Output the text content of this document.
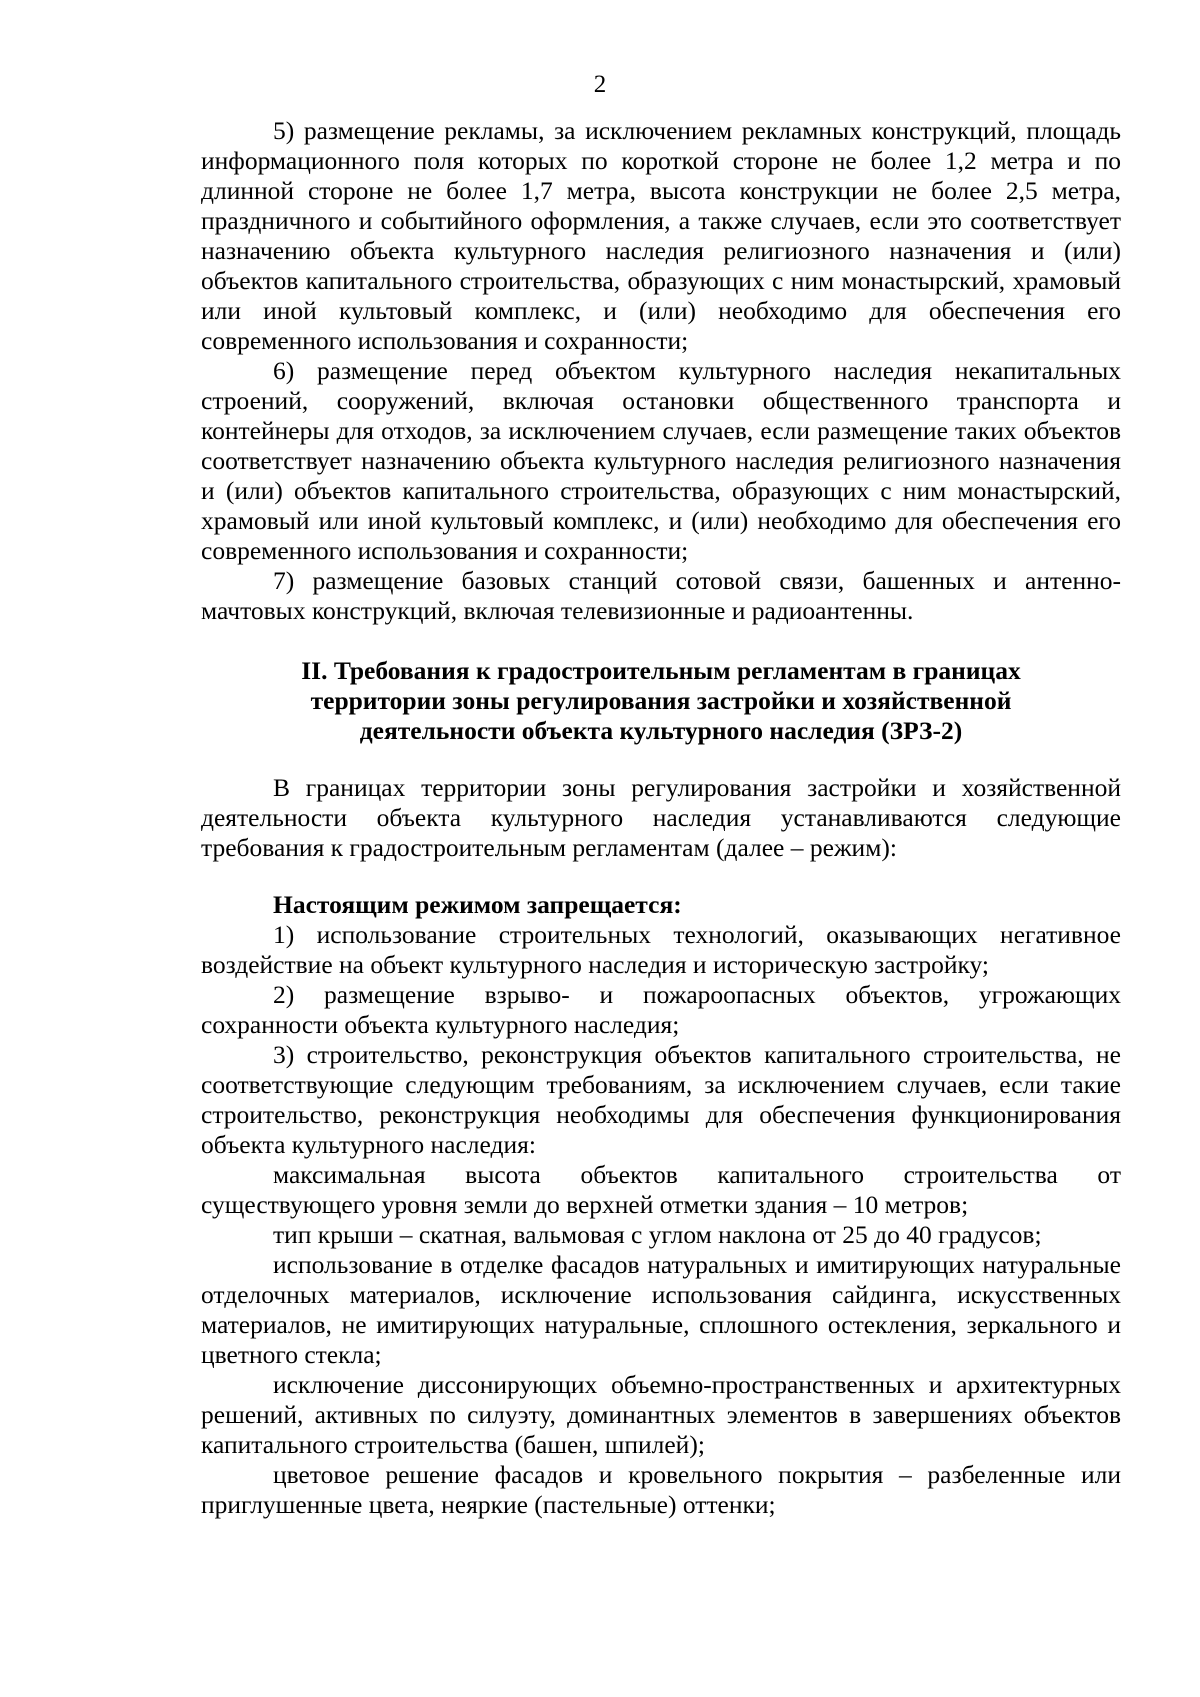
2

5) размещение рекламы, за исключением рекламных конструкций, площадь информационного поля которых по короткой стороне не более 1,2 метра и по длинной стороне не более 1,7 метра, высота конструкции не более 2,5 метра, праздничного и событийного оформления, а также случаев, если это соответствует назначению объекта культурного наследия религиозного назначения и (или) объектов капитального строительства, образующих с ним монастырский, храмовый или иной культовый комплекс, и (или) необходимо для обеспечения его современного использования и сохранности;

6) размещение перед объектом культурного наследия некапитальных строений, сооружений, включая остановки общественного транспорта и контейнеры для отходов, за исключением случаев, если размещение таких объектов соответствует назначению объекта культурного наследия религиозного назначения и (или) объектов капитального строительства, образующих с ним монастырский, храмовый или иной культовый комплекс, и (или) необходимо для обеспечения его современного использования и сохранности;

7) размещение базовых станций сотовой связи, башенных и антенно-мачтовых конструкций, включая телевизионные и радиоантенны.

II. Требования к градостроительным регламентам в границах

территории зоны регулирования застройки и хозяйственной

деятельности объекта культурного наследия (ЗРЗ-2)

В границах территории зоны регулирования застройки и хозяйственной деятельности объекта культурного наследия устанавливаются следующие требования к градостроительным регламентам (далее – режим):

Настоящим режимом запрещается:

1) использование строительных технологий, оказывающих негативное воздействие на объект культурного наследия и историческую застройку;

2) размещение взрыво- и пожароопасных объектов, угрожающих сохранности объекта культурного наследия;

3) строительство, реконструкция объектов капитального строительства, не соответствующие следующим требованиям, за исключением случаев, если такие строительство, реконструкция необходимы для обеспечения функционирования объекта культурного наследия:

максимальная высота объектов капитального строительства от существующего уровня земли до верхней отметки здания – 10 метров;

тип крыши – скатная, вальмовая с углом наклона от 25 до 40 градусов;

использование в отделке фасадов натуральных и имитирующих натуральные отделочных материалов, исключение использования сайдинга, искусственных материалов, не имитирующих натуральные, сплошного остекления, зеркального и цветного стекла;

исключение диссонирующих объемно-пространственных и архитектурных решений, активных по силуэту, доминантных элементов в завершениях объектов капитального строительства (башен, шпилей);

цветовое решение фасадов и кровельного покрытия – разбеленные или приглушенные цвета, неяркие (пастельные) оттенки;
